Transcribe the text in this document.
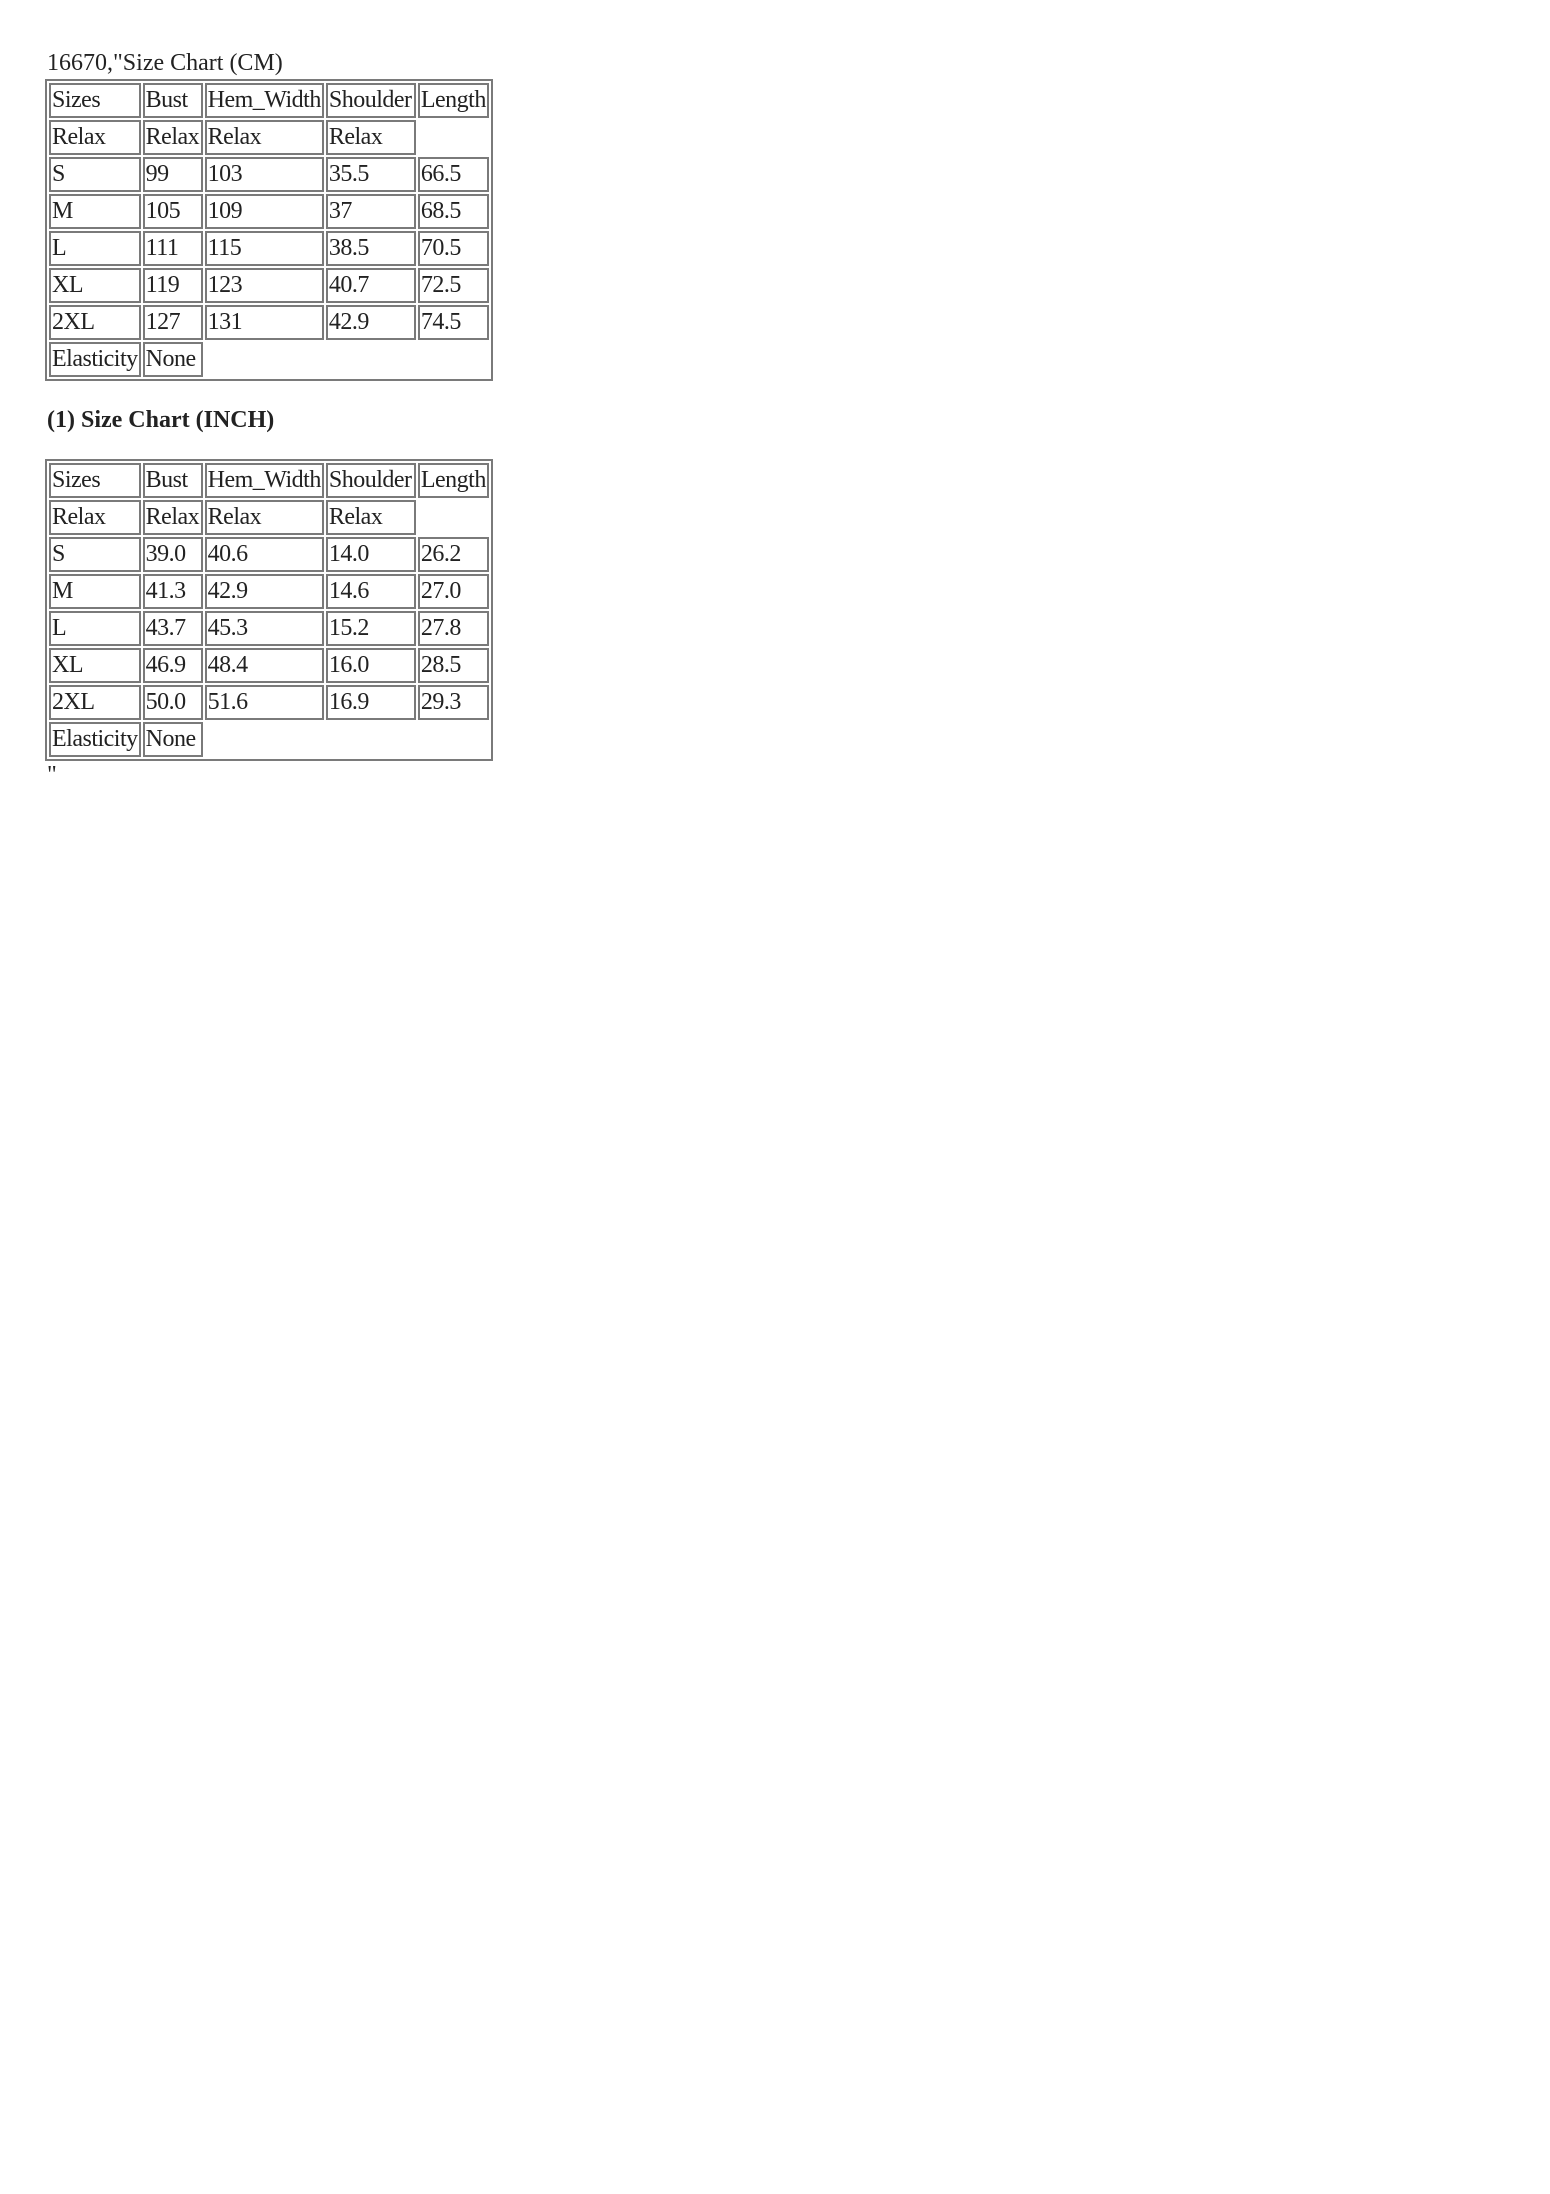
16670,"Size Chart (CM)
Sizes	Bust	Hem_Width	Shoulder	Length
Relax	Relax	Relax	Relax	
S	99	103	35.5	66.5
M	105	109	37	68.5
L	111	115	38.5	70.5
XL	119	123	40.7	72.5
2XL	127	131	42.9	74.5
Elasticity	None			
(1) Size Chart (INCH)
Sizes	Bust	Hem_Width	Shoulder	Length
Relax	Relax	Relax	Relax	
S	39.0	40.6	14.0	26.2
M	41.3	42.9	14.6	27.0
L	43.7	45.3	15.2	27.8
XL	46.9	48.4	16.0	28.5
2XL	50.0	51.6	16.9	29.3
Elasticity	None			
"
